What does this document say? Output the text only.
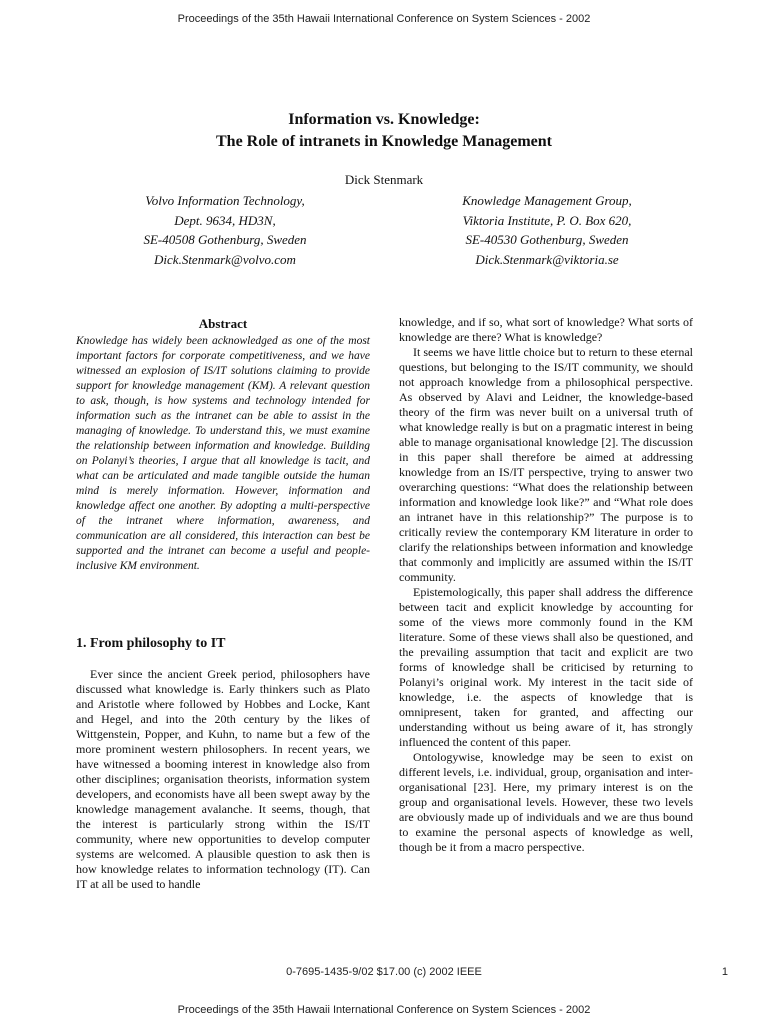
Proceedings of the 35th Hawaii International Conference on System Sciences - 2002
Information vs. Knowledge:
The Role of intranets in Knowledge Management
Dick Stenmark
Volvo Information Technology,
Dept. 9634, HD3N,
SE-40508 Gothenburg, Sweden
Dick.Stenmark@volvo.com
Knowledge Management Group,
Viktoria Institute, P. O. Box 620,
SE-40530 Gothenburg, Sweden
Dick.Stenmark@viktoria.se
Abstract

Knowledge has widely been acknowledged as one of the most important factors for corporate competitiveness, and we have witnessed an explosion of IS/IT solutions claiming to provide support for knowledge management (KM). A relevant question to ask, though, is how systems and technology intended for information such as the intranet can be able to assist in the managing of knowledge. To understand this, we must examine the relationship between information and knowledge. Building on Polanyi’s theories, I argue that all knowledge is tacit, and what can be articulated and made tangible outside the human mind is merely information. However, information and knowledge affect one another. By adopting a multi-perspective of the intranet where information, awareness, and communication are all considered, this interaction can best be supported and the intranet can become a useful and people-inclusive KM environment.

1. From philosophy to IT

Ever since the ancient Greek period, philosophers have discussed what knowledge is. Early thinkers such as Plato and Aristotle where followed by Hobbes and Locke, Kant and Hegel, and into the 20th century by the likes of Wittgenstein, Popper, and Kuhn, to name but a few of the more prominent western philosophers. In recent years, we have witnessed a booming interest in knowledge also from other disciplines; organisation theorists, information system developers, and economists have all been swept away by the knowledge management avalanche. It seems, though, that the interest is particularly strong within the IS/IT community, where new opportunities to develop computer systems are welcomed. A plausible question to ask then is how knowledge relates to information technology (IT). Can IT at all be used to handle

knowledge, and if so, what sort of knowledge? What sorts of knowledge are there? What is knowledge?

It seems we have little choice but to return to these eternal questions, but belonging to the IS/IT community, we should not approach knowledge from a philosophical perspective. As observed by Alavi and Leidner, the knowledge-based theory of the firm was never built on a universal truth of what knowledge really is but on a pragmatic interest in being able to manage organisational knowledge [2]. The discussion in this paper shall therefore be aimed at addressing knowledge from an IS/IT perspective, trying to answer two overarching questions: “What does the relationship between information and knowledge look like?” and “What role does an intranet have in this relationship?” The purpose is to critically review the contemporary KM literature in order to clarify the relationships between information and knowledge that commonly and implicitly are assumed within the IS/IT community.

Epistemologically, this paper shall address the difference between tacit and explicit knowledge by accounting for some of the views more commonly found in the KM literature. Some of these views shall also be questioned, and the prevailing assumption that tacit and explicit are two forms of knowledge shall be criticised by returning to Polanyi’s original work. My interest in the tacit side of knowledge, i.e. the aspects of knowledge that is omnipresent, taken for granted, and affecting our understanding without us being aware of it, has strongly influenced the content of this paper.

Ontologywise, knowledge may be seen to exist on different levels, i.e. individual, group, organisation and inter-organisational [23]. Here, my primary interest is on the group and organisational levels. However, these two levels are obviously made up of individuals and we are thus bound to examine the personal aspects of knowledge as well, though be it from a macro perspective.

0-7695-1435-9/02 $17.00 (c) 2002 IEEE	1
Proceedings of the 35th Hawaii International Conference on System Sciences - 2002
